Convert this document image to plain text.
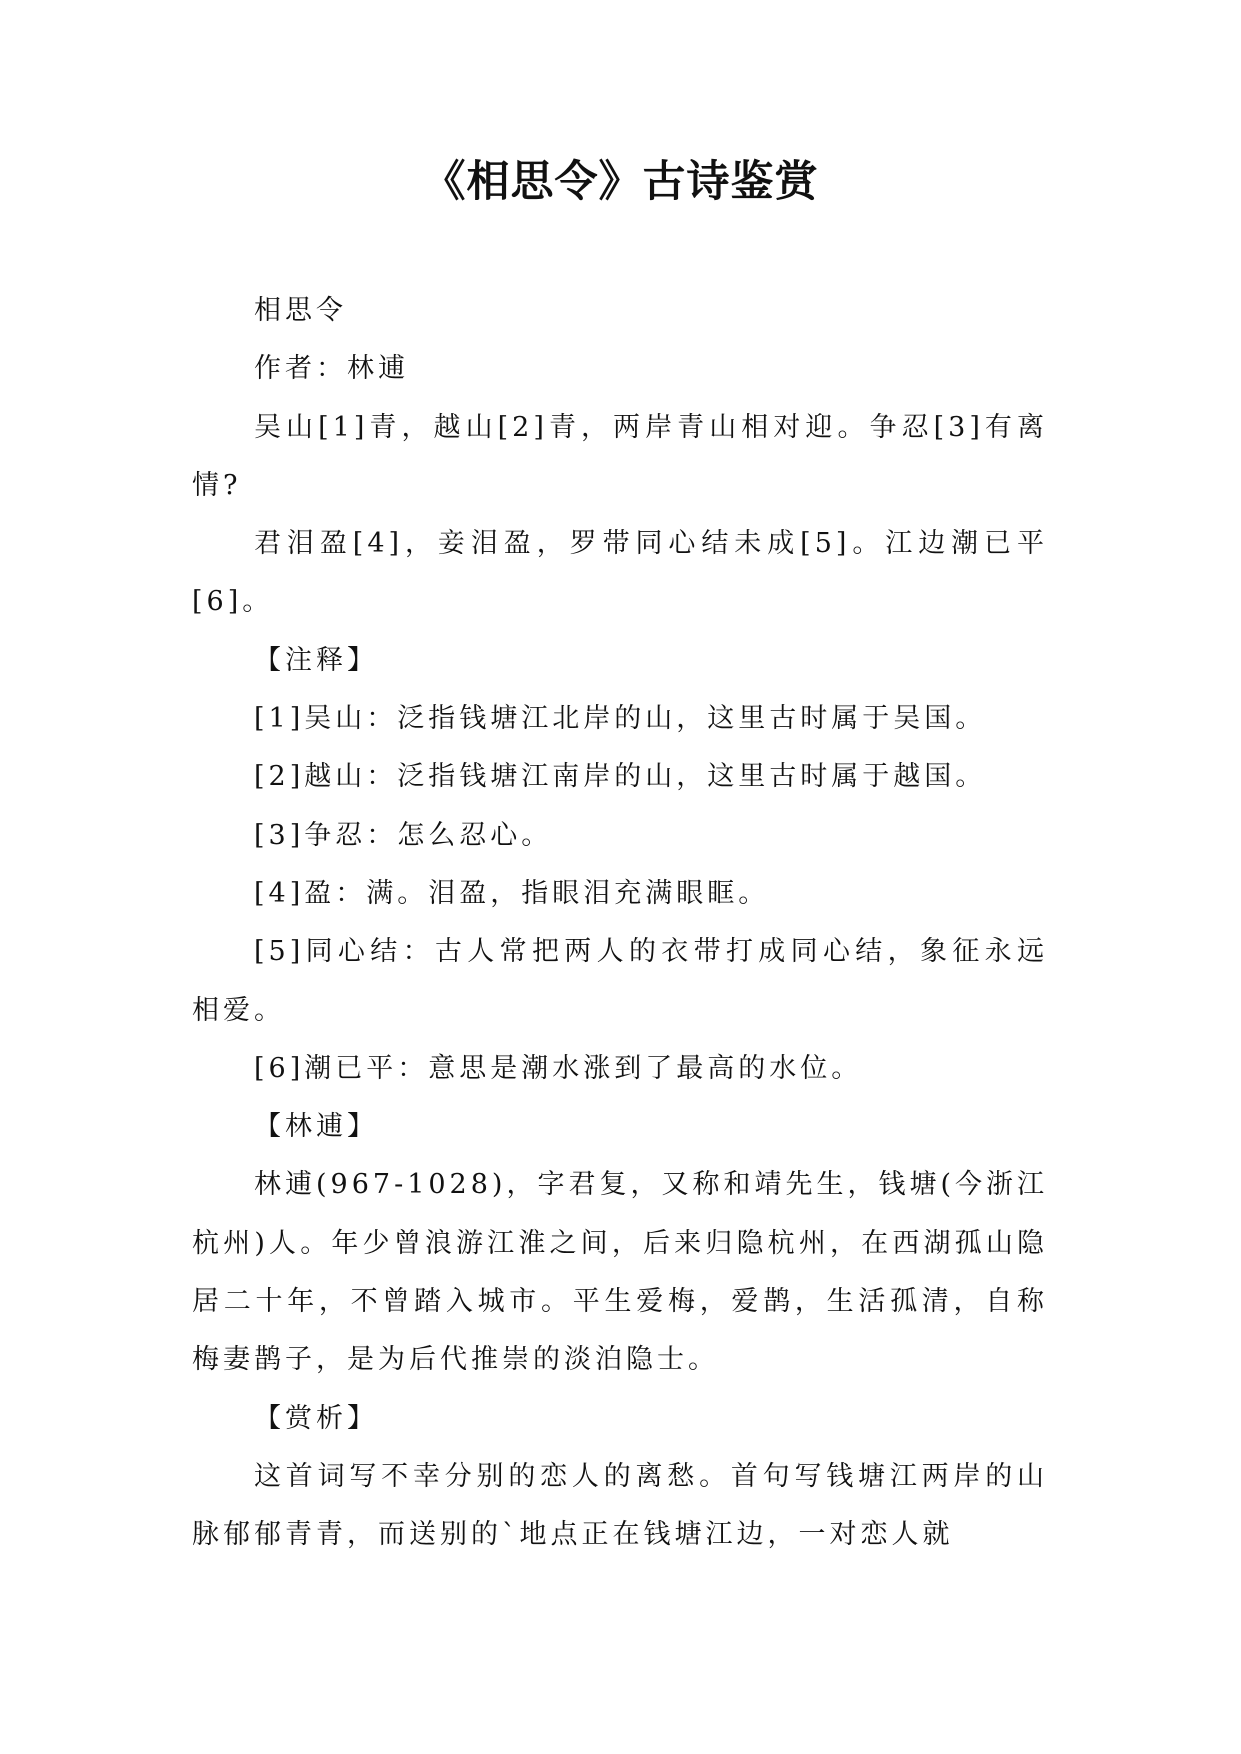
《相思令》古诗鉴赏

相思令

作者：林逋

吴山[1]青，越山[2]青，两岸青山相对迎。争忍[3]有离情?

君泪盈[4]，妾泪盈，罗带同心结未成[5]。江边潮已平[6]。

【注释】

[1]吴山：泛指钱塘江北岸的山，这里古时属于吴国。

[2]越山：泛指钱塘江南岸的山，这里古时属于越国。

[3]争忍：怎么忍心。

[4]盈：满。泪盈，指眼泪充满眼眶。

[5]同心结：古人常把两人的衣带打成同心结，象征永远相爱。

[6]潮已平：意思是潮水涨到了最高的水位。

【林逋】

林逋(967-1028)，字君复，又称和靖先生，钱塘(今浙江杭州)人。年少曾浪游江淮之间，后来归隐杭州，在西湖孤山隐居二十年，不曾踏入城市。平生爱梅，爱鹊，生活孤清，自称梅妻鹊子，是为后代推崇的淡泊隐士。

【赏析】

这首词写不幸分别的恋人的离愁。首句写钱塘江两岸的山脉郁郁青青，而送别的`地点正在钱塘江边，一对恋人就
